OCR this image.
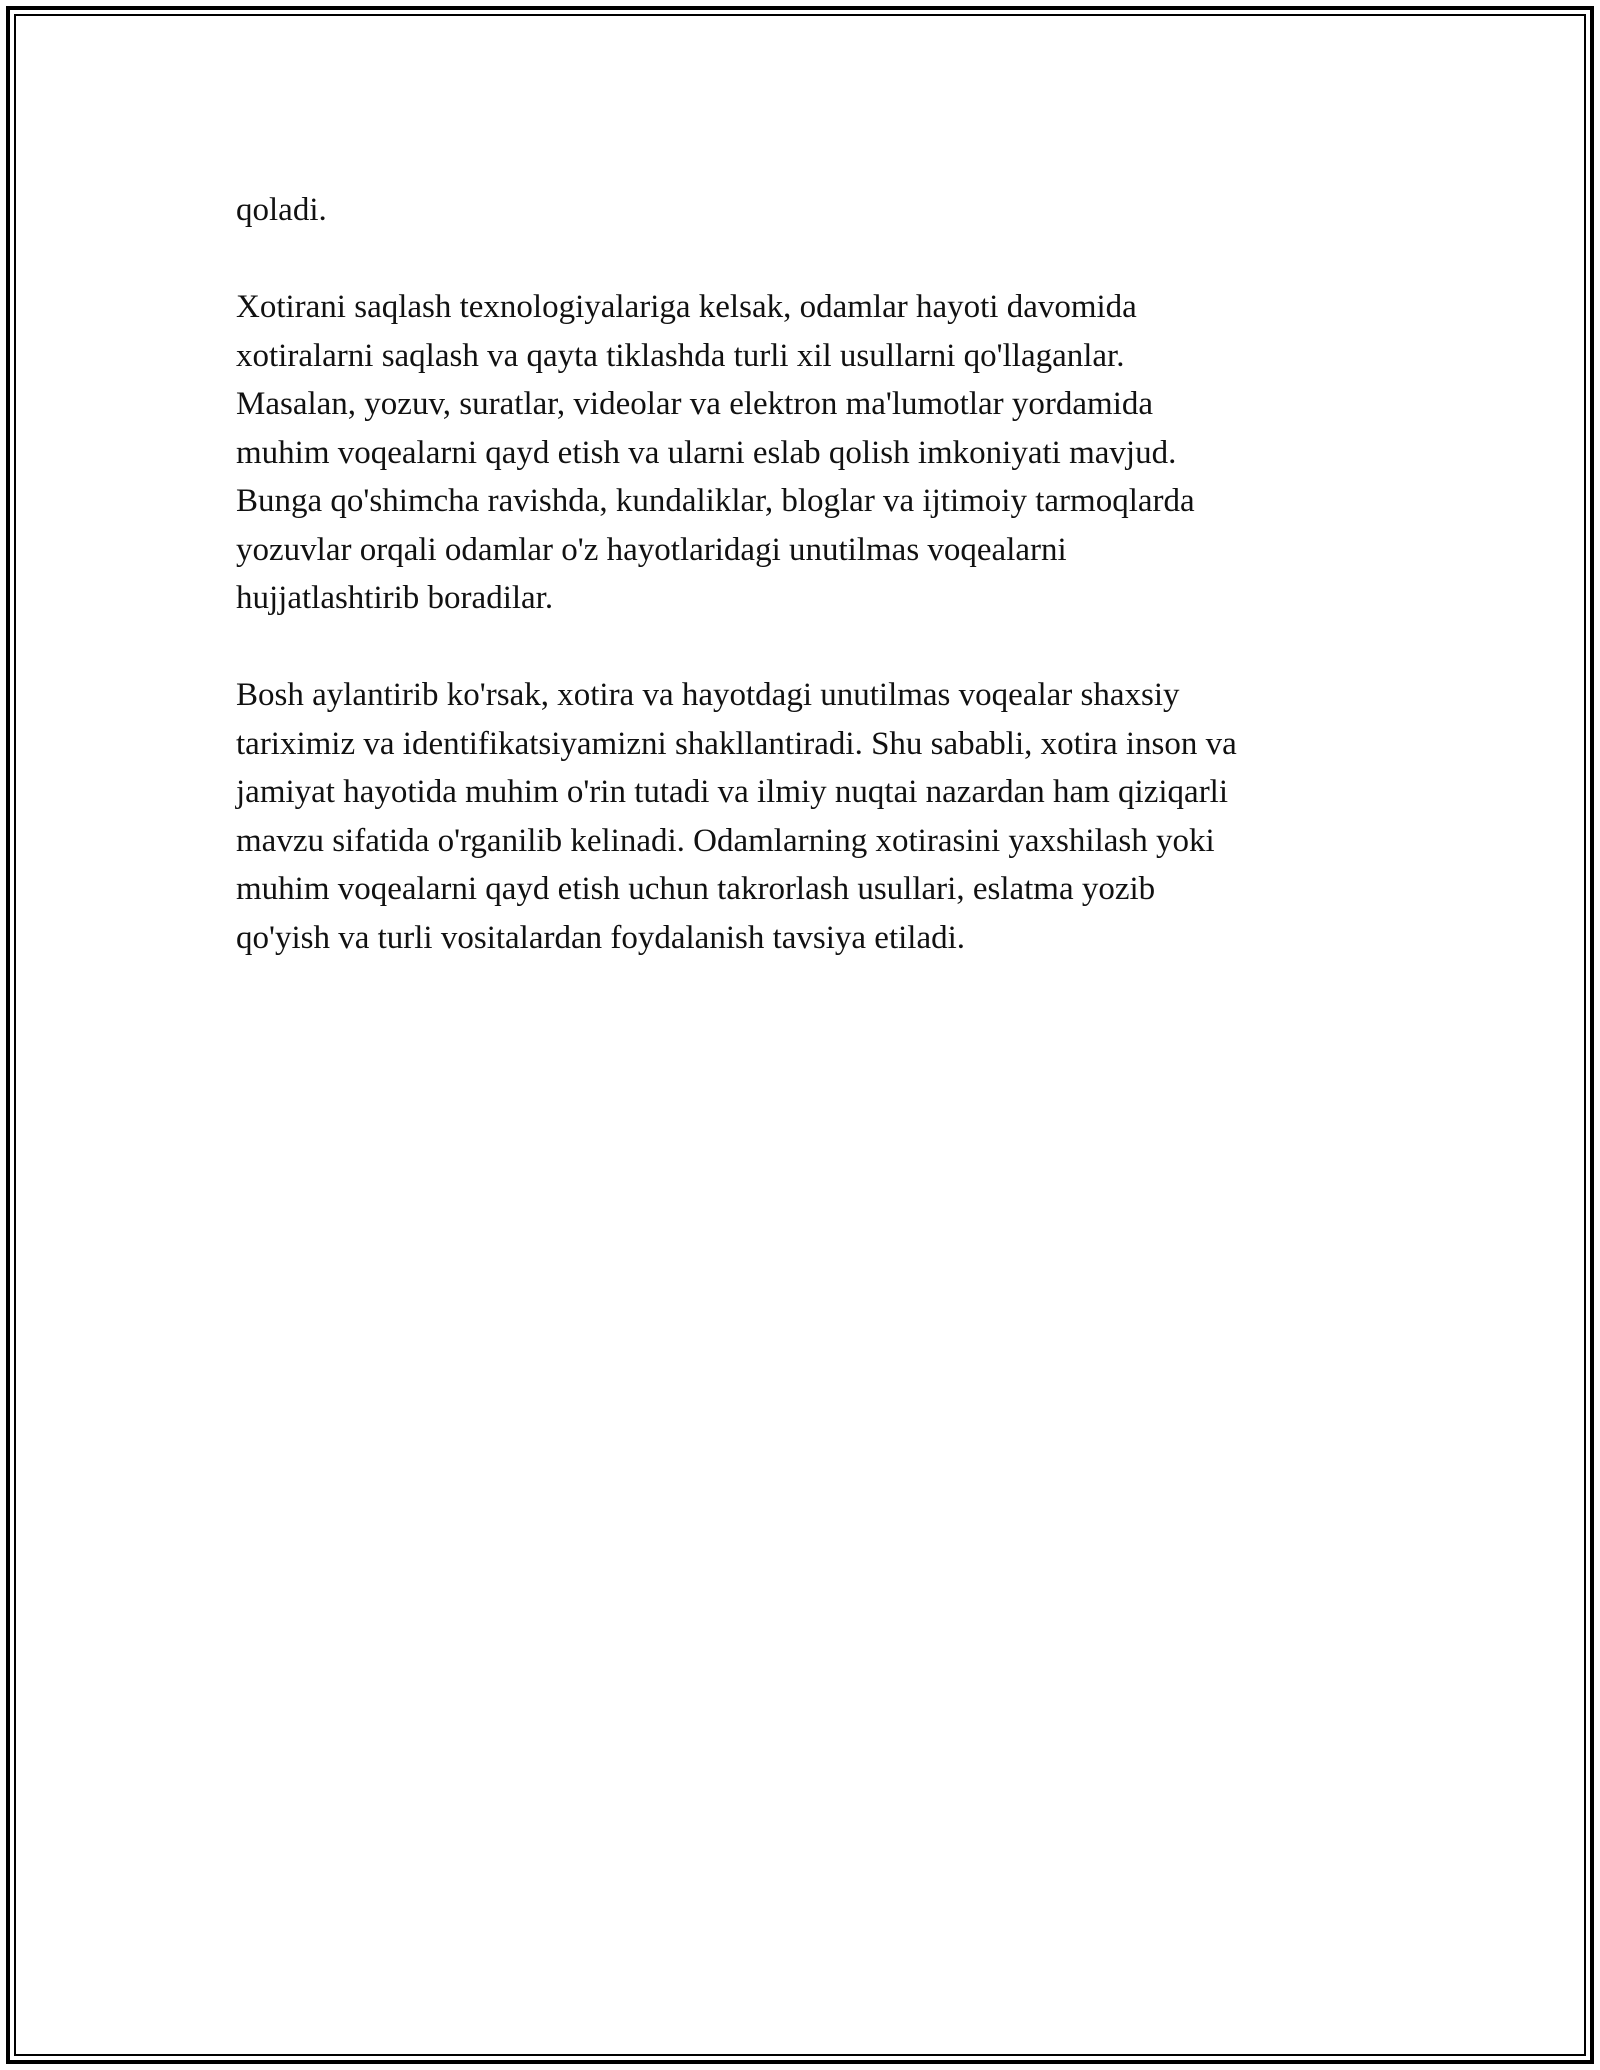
qoladi.

Xotirani saqlash texnologiyalariga kelsak, odamlar hayoti davomida
xotiralarni saqlash va qayta tiklashda turli xil usullarni qo'llaganlar.
Masalan, yozuv, suratlar, videolar va elektron ma'lumotlar yordamida
muhim voqealarni qayd etish va ularni eslab qolish imkoniyati mavjud.
Bunga qo'shimcha ravishda, kundaliklar, bloglar va ijtimoiy tarmoqlarda
yozuvlar orqali odamlar o'z hayotlaridagi unutilmas voqealarni
hujjatlashtirib boradilar.

Bosh aylantirib ko'rsak, xotira va hayotdagi unutilmas voqealar shaxsiy
tariximiz va identifikatsiyamizni shakllantiradi. Shu sababli, xotira inson va
jamiyat hayotida muhim o'rin tutadi va ilmiy nuqtai nazardan ham qiziqarli
mavzu sifatida o'rganilib kelinadi. Odamlarning xotirasini yaxshilash yoki
muhim voqealarni qayd etish uchun takrorlash usullari, eslatma yozib
qo'yish va turli vositalardan foydalanish tavsiya etiladi.
